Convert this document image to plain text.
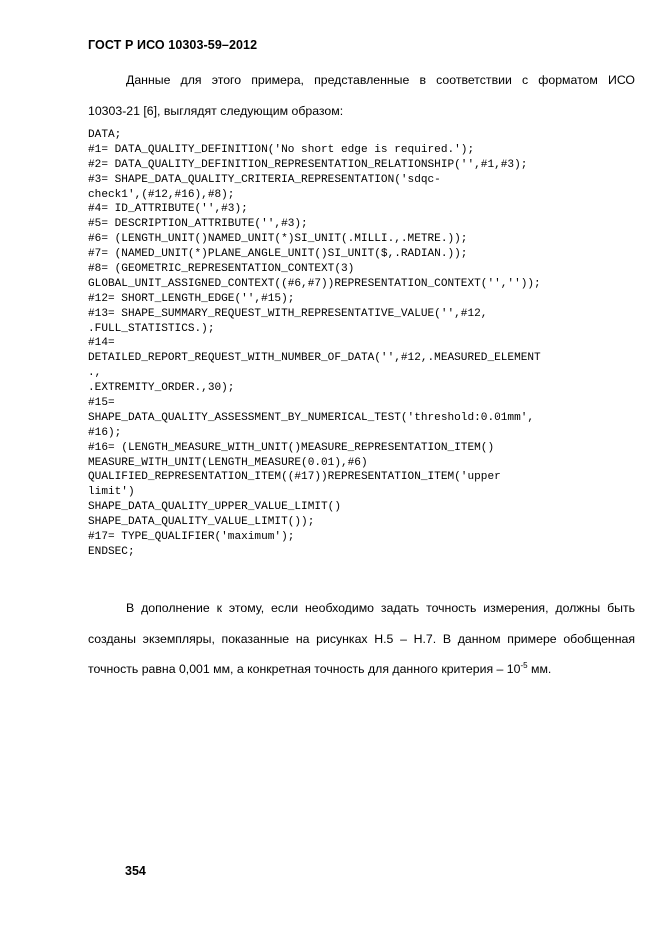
ГОСТ Р ИСО 10303-59–2012
Данные для этого примера, представленные в соответствии с форматом ИСО
10303-21 [6], выглядят следующим образом:
DATA;
#1= DATA_QUALITY_DEFINITION('No short edge is required.');
#2= DATA_QUALITY_DEFINITION_REPRESENTATION_RELATIONSHIP('',#1,#3);
#3= SHAPE_DATA_QUALITY_CRITERIA_REPRESENTATION('sdqc-
check1',(#12,#16),#8);
#4= ID_ATTRIBUTE('',#3);
#5= DESCRIPTION_ATTRIBUTE('',#3);
#6= (LENGTH_UNIT()NAMED_UNIT(*)SI_UNIT(.MILLI.,.METRE.));
#7= (NAMED_UNIT(*)PLANE_ANGLE_UNIT()SI_UNIT($,.RADIAN.));
#8= (GEOMETRIC_REPRESENTATION_CONTEXT(3)
GLOBAL_UNIT_ASSIGNED_CONTEXT((#6,#7))REPRESENTATION_CONTEXT('',''));
#12= SHORT_LENGTH_EDGE('',#15);
#13= SHAPE_SUMMARY_REQUEST_WITH_REPRESENTATIVE_VALUE('',#12,
.FULL_STATISTICS.);
#14=
DETAILED_REPORT_REQUEST_WITH_NUMBER_OF_DATA('',#12,.MEASURED_ELEMENT
.,
.EXTREMITY_ORDER.,30);
#15=
SHAPE_DATA_QUALITY_ASSESSMENT_BY_NUMERICAL_TEST('threshold:0.01mm',
#16);
#16= (LENGTH_MEASURE_WITH_UNIT()MEASURE_REPRESENTATION_ITEM()
MEASURE_WITH_UNIT(LENGTH_MEASURE(0.01),#6)
QUALIFIED_REPRESENTATION_ITEM((#17))REPRESENTATION_ITEM('upper
limit')
SHAPE_DATA_QUALITY_UPPER_VALUE_LIMIT()
SHAPE_DATA_QUALITY_VALUE_LIMIT());
#17= TYPE_QUALIFIER('maximum');
ENDSEC;
В дополнение к этому, если необходимо задать точность измерения, должны быть
созданы экземпляры, показанные на рисунках Н.5 – Н.7. В данном примере обобщенная
точность равна 0,001 мм, а конкретная точность для данного критерия – $10^{-5}$ мм.
354
